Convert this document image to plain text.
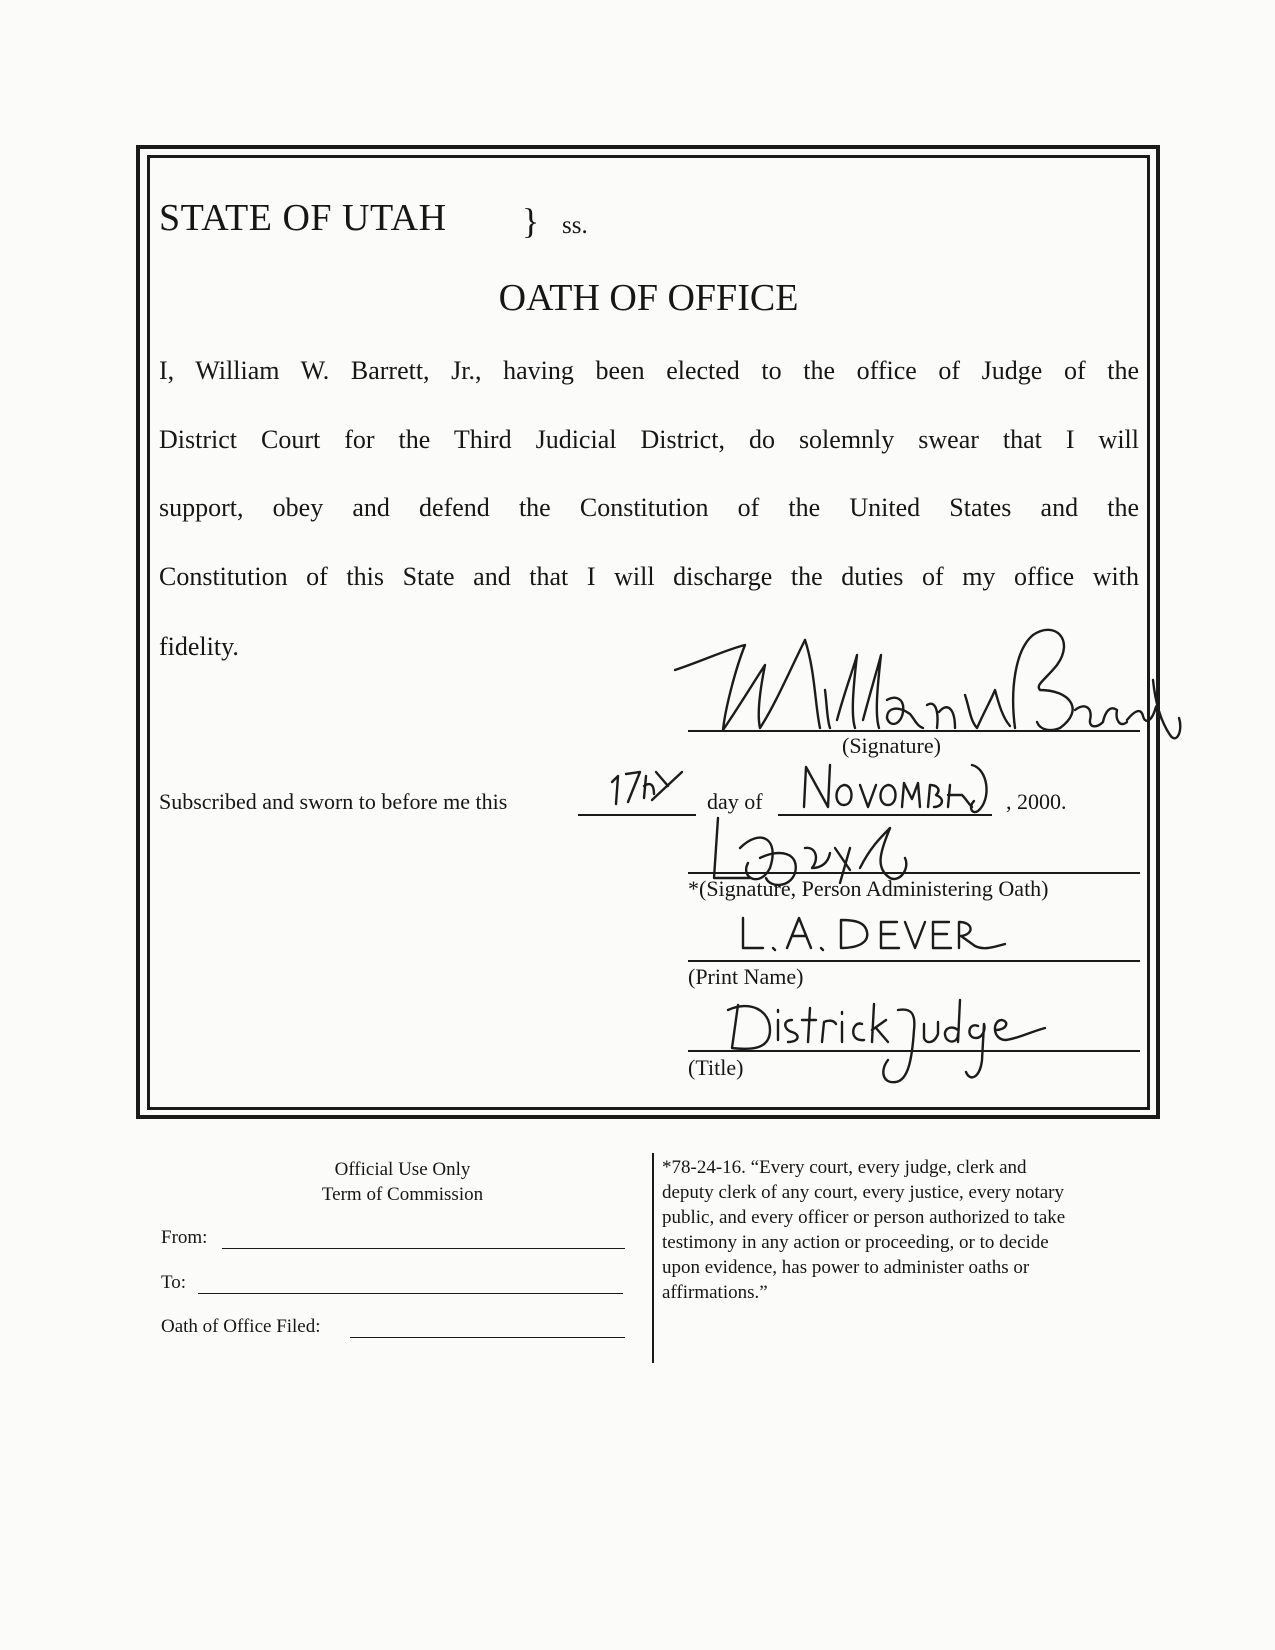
STATE OF UTAH } ss.
OATH OF OFFICE
I, William W. Barrett, Jr., having been elected to the office of Judge of the
District Court for the Third Judicial District, do solemnly swear that I will
support, obey and defend the Constitution of the United States and the
Constitution of this State and that I will discharge the duties of my office with
fidelity.
(Signature)
Subscribed and sworn to before me this	day of	, 2000.
*(Signature, Person Administering Oath)
(Print Name)
(Title)
Official Use Only
Term of Commission
From:
To:
Oath of Office Filed:

*78-24-16. “Every court, every judge, clerk and

deputy clerk of any court, every justice, every notary

public, and every officer or person authorized to take

testimony in any action or proceeding, or to decide

upon evidence, has power to administer oaths or

affirmations.”
